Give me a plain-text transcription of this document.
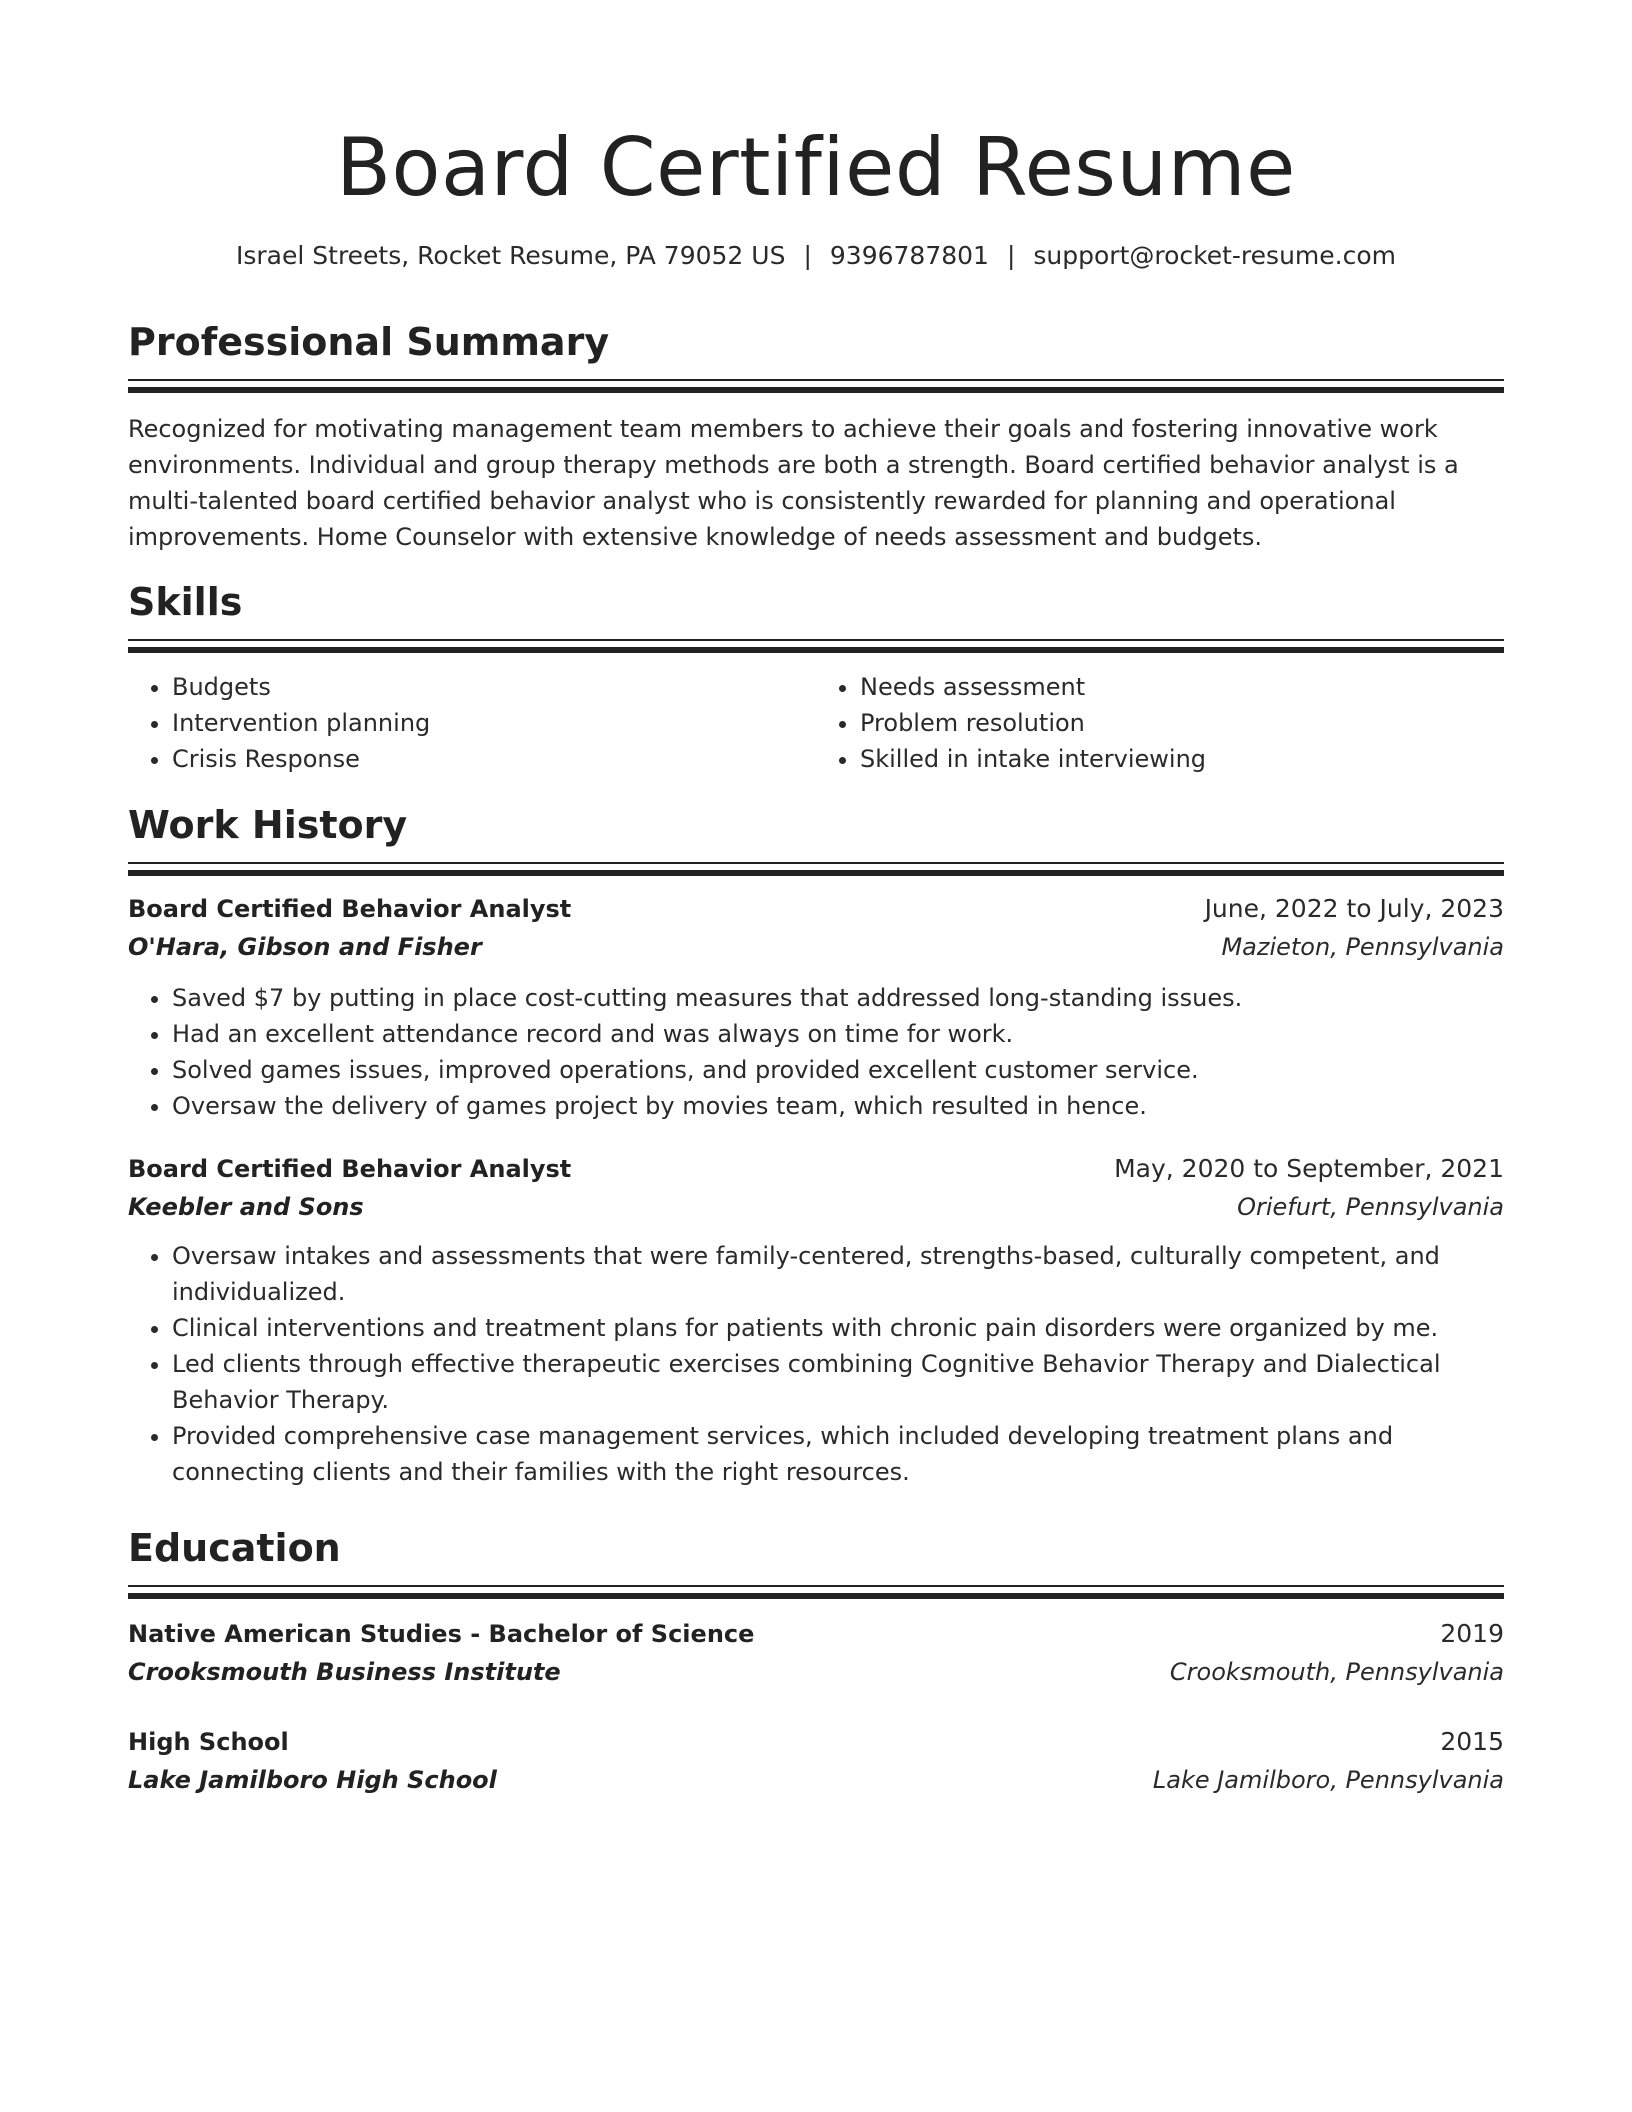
Board Certified Resume
Israel Streets, Rocket Resume, PA 79052 US | 9396787801 | support@rocket-resume.com
Professional Summary
Recognized for motivating management team members to achieve their goals and fostering innovative work environments. Individual and group therapy methods are both a strength. Board certified behavior analyst is a multi-talented board certified behavior analyst who is consistently rewarded for planning and operational improvements. Home Counselor with extensive knowledge of needs assessment and budgets.
Skills
• Budgets
• Intervention planning
• Crisis Response
• Needs assessment
• Problem resolution
• Skilled in intake interviewing
Work History
Board Certified Behavior Analyst	June, 2022 to July, 2023
O'Hara, Gibson and Fisher	Mazieton, Pennsylvania
• Saved $7 by putting in place cost-cutting measures that addressed long-standing issues.
• Had an excellent attendance record and was always on time for work.
• Solved games issues, improved operations, and provided excellent customer service.
• Oversaw the delivery of games project by movies team, which resulted in hence.
Board Certified Behavior Analyst	May, 2020 to September, 2021
Keebler and Sons	Oriefurt, Pennsylvania
• Oversaw intakes and assessments that were family-centered, strengths-based, culturally competent, and individualized.
• Clinical interventions and treatment plans for patients with chronic pain disorders were organized by me.
• Led clients through effective therapeutic exercises combining Cognitive Behavior Therapy and Dialectical Behavior Therapy.
• Provided comprehensive case management services, which included developing treatment plans and connecting clients and their families with the right resources.
Education
Native American Studies - Bachelor of Science	2019
Crooksmouth Business Institute	Crooksmouth, Pennsylvania
High School	2015
Lake Jamilboro High School	Lake Jamilboro, Pennsylvania
